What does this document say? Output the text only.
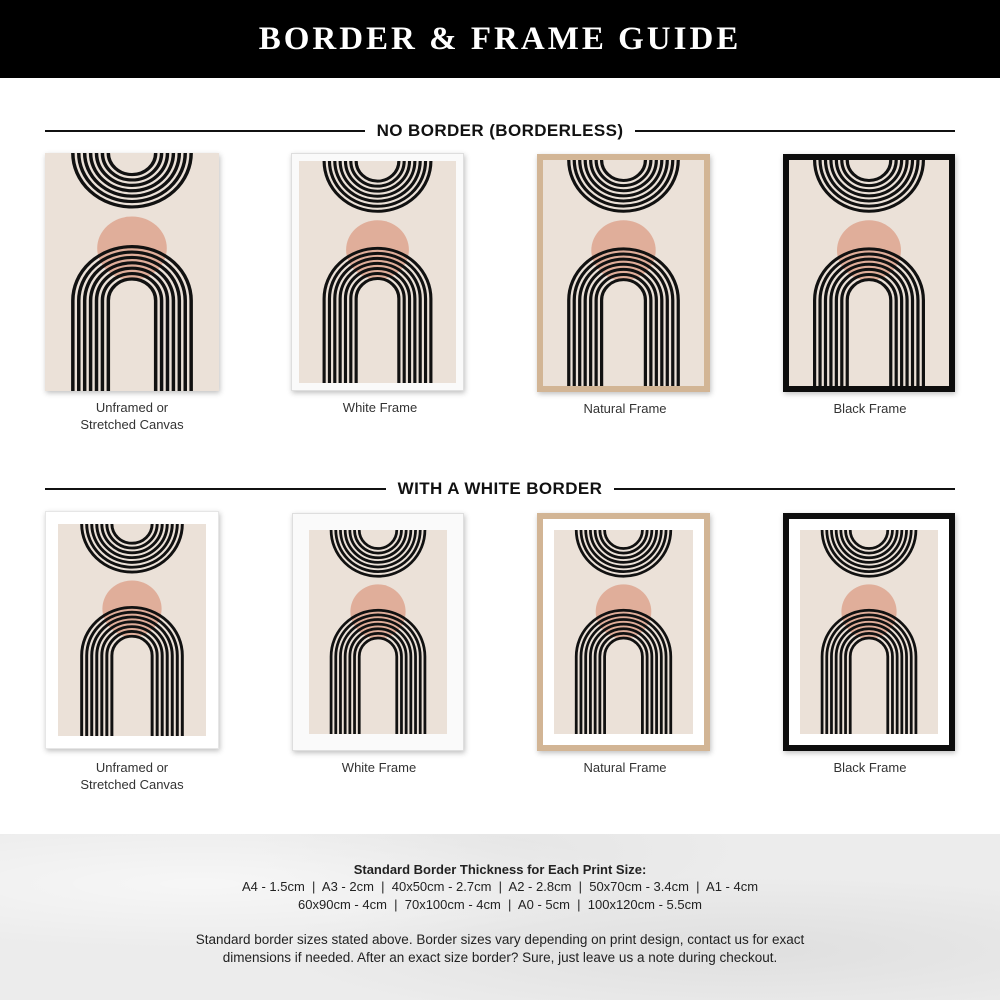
BORDER & FRAME GUIDE
NO BORDER (BORDERLESS)
Unframed or
Stretched Canvas
White Frame	Natural Frame	Black Frame
WITH A WHITE BORDER
Unframed or
Stretched Canvas
White Frame	Natural Frame	Black Frame
Standard Border Thickness for Each Print Size:
A4 - 1.5cm  |  A3 - 2cm  |  40x50cm - 2.7cm  |  A2 - 2.8cm  |  50x70cm - 3.4cm  |  A1 - 4cm
60x90cm - 4cm  |  70x100cm - 4cm  |  A0 - 5cm  |  100x120cm - 5.5cm
Standard border sizes stated above. Border sizes vary depending on print design, contact us for exact
dimensions if needed. After an exact size border? Sure, just leave us a note during checkout.
